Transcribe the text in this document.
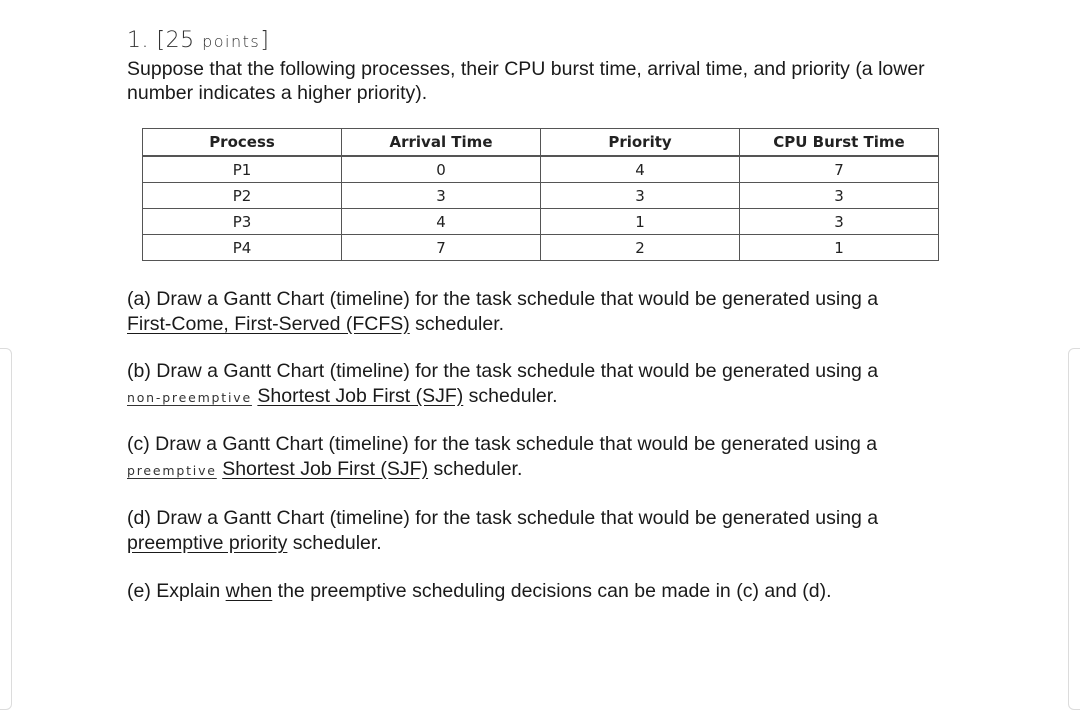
1. [25 points]
Suppose that the following processes, their CPU burst time, arrival time, and priority (a lower number indicates a higher priority).
Process	Arrival Time	Priority	CPU Burst Time
P1	0	4	7
P2	3	3	3
P3	4	1	3
P4	7	2	1
(a) Draw a Gantt Chart (timeline) for the task schedule that would be generated using a
First-Come, First-Served (FCFS) scheduler.
(b) Draw a Gantt Chart (timeline) for the task schedule that would be generated using a
non-preemptive Shortest Job First (SJF) scheduler.
(c) Draw a Gantt Chart (timeline) for the task schedule that would be generated using a
preemptive Shortest Job First (SJF) scheduler.
(d) Draw a Gantt Chart (timeline) for the task schedule that would be generated using a
preemptive priority scheduler.
(e) Explain when the preemptive scheduling decisions can be made in (c) and (d).
